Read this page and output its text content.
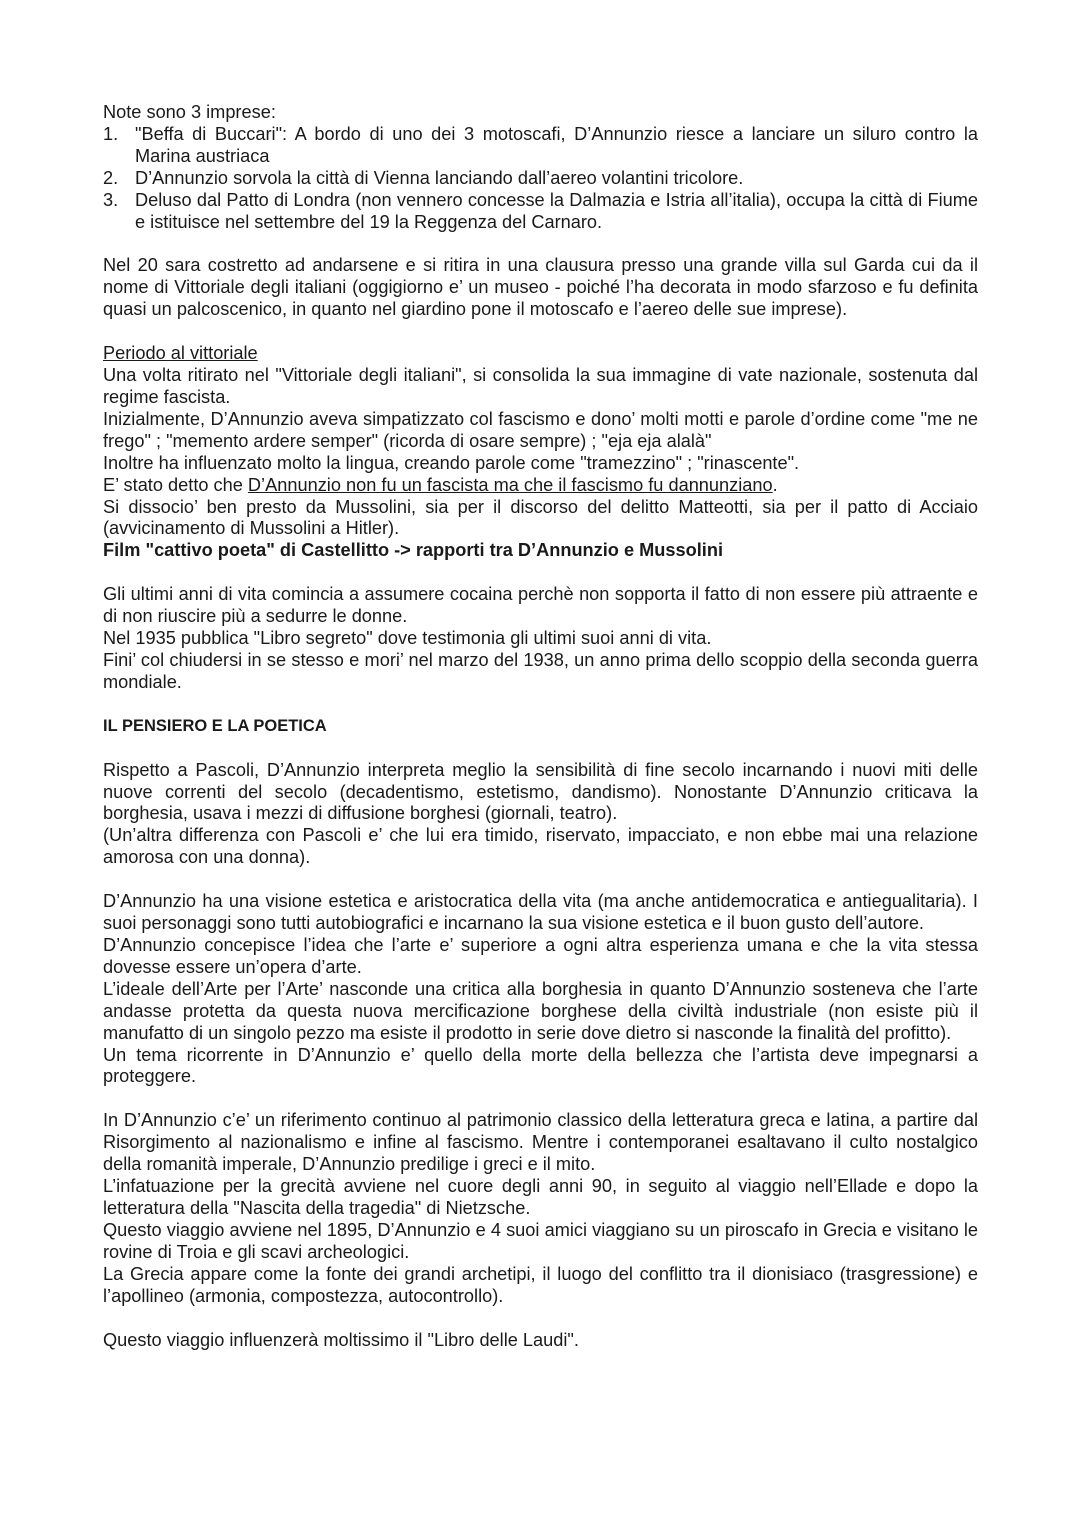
Note sono 3 imprese:

1. "Beffa di Buccari": A bordo di uno dei 3 motoscafi, D’Annunzio riesce a lanciare un siluro contro la Marina austriaca
2. D’Annunzio sorvola la città di Vienna lanciando dall’aereo volantini tricolore.
3. Deluso dal Patto di Londra (non vennero concesse la Dalmazia e Istria all’italia), occupa la città di Fiume e istituisce nel settembre del 19 la Reggenza del Carnaro.

Nel 20 sara costretto ad andarsene e si ritira in una clausura presso una grande villa sul Garda cui da il nome di Vittoriale degli italiani (oggigiorno e’ un museo - poiché l’ha decorata in modo sfarzoso e fu definita quasi un palcoscenico, in quanto nel giardino pone il motoscafo e l’aereo delle sue imprese).

Periodo al vittoriale

Una volta ritirato nel "Vittoriale degli italiani", si consolida la sua immagine di vate nazionale, sostenuta dal regime fascista.

Inizialmente, D’Annunzio aveva simpatizzato col fascismo e dono’ molti motti e parole d’ordine come "me ne frego" ; "memento ardere semper" (ricorda di osare sempre) ; "eja eja alalà"

Inoltre ha influenzato molto la lingua, creando parole come "tramezzino" ; "rinascente".

E’ stato detto che D’Annunzio non fu un fascista ma che il fascismo fu dannunziano.

Si dissocio’ ben presto da Mussolini, sia per il discorso del delitto Matteotti, sia per il patto di Acciaio (avvicinamento di Mussolini a Hitler).

Film "cattivo poeta" di Castellitto -> rapporti tra D’Annunzio e Mussolini

Gli ultimi anni di vita comincia a assumere cocaina perchè non sopporta il fatto di non essere più attraente e di non riuscire più a sedurre le donne.

Nel 1935 pubblica "Libro segreto" dove testimonia gli ultimi suoi anni di vita.

Fini’ col chiudersi in se stesso e mori’ nel marzo del 1938, un anno prima dello scoppio della seconda guerra mondiale.

IL PENSIERO E LA POETICA

Rispetto a Pascoli, D’Annunzio interpreta meglio la sensibilità di fine secolo incarnando i nuovi miti delle nuove correnti del secolo (decadentismo, estetismo, dandismo). Nonostante D’Annunzio criticava la borghesia, usava i mezzi di diffusione borghesi (giornali, teatro).

(Un’altra differenza con Pascoli e’ che lui era timido, riservato, impacciato, e non ebbe mai una relazione amorosa con una donna).

D’Annunzio ha una visione estetica e aristocratica della vita (ma anche antidemocratica e antiegualitaria). I suoi personaggi sono tutti autobiografici e incarnano la sua visione estetica e il buon gusto dell’autore.

D’Annunzio concepisce l’idea che l’arte e’ superiore a ogni altra esperienza umana e che la vita stessa dovesse essere un’opera d’arte.

L’ideale dell’Arte per l’Arte’ nasconde una critica alla borghesia in quanto D’Annunzio sosteneva che l’arte andasse protetta da questa nuova mercificazione borghese della civiltà industriale (non esiste più il manufatto di un singolo pezzo ma esiste il prodotto in serie dove dietro si nasconde la finalità del profitto).

Un tema ricorrente in D’Annunzio e’ quello della morte della bellezza che l’artista deve impegnarsi a proteggere.

In D’Annunzio c’e’ un riferimento continuo al patrimonio classico della letteratura greca e latina, a partire dal Risorgimento al nazionalismo e infine al fascismo. Mentre i contemporanei esaltavano il culto nostalgico della romanità imperale, D’Annunzio predilige i greci e il mito.

L’infatuazione per la grecità avviene nel cuore degli anni 90, in seguito al viaggio nell’Ellade e dopo la letteratura della "Nascita della tragedia" di Nietzsche.

Questo viaggio avviene nel 1895, D’Annunzio e 4 suoi amici viaggiano su un piroscafo in Grecia e visitano le rovine di Troia e gli scavi archeologici.

La Grecia appare come la fonte dei grandi archetipi, il luogo del conflitto tra il dionisiaco (trasgressione) e l’apollineo (armonia, compostezza, autocontrollo).

Questo viaggio influenzerà moltissimo il "Libro delle Laudi".
